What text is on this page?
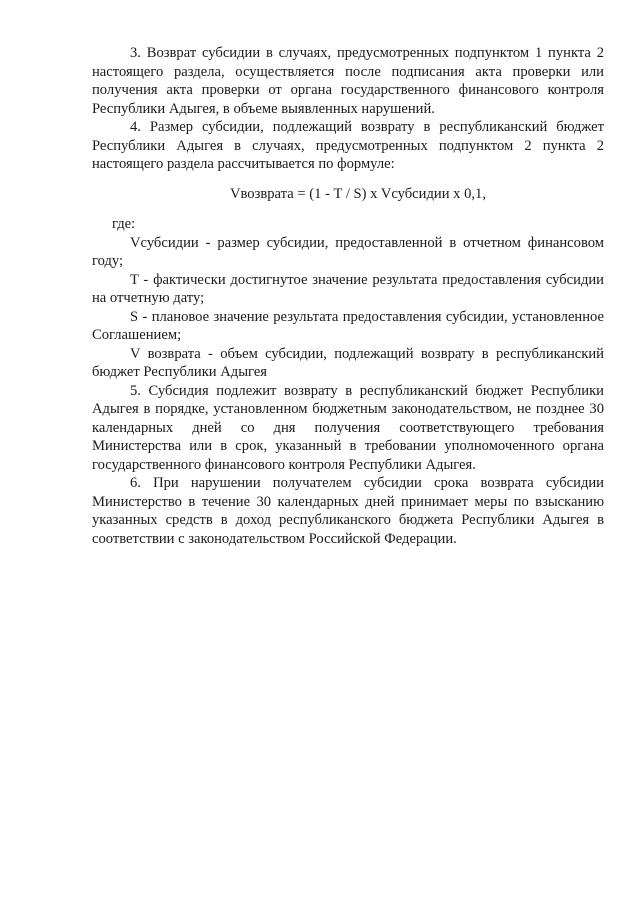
3. Возврат субсидии в случаях, предусмотренных подпунктом 1 пункта 2 настоящего раздела, осуществляется после подписания акта проверки или получения акта проверки от органа государственного финансового контроля Республики Адыгея, в объеме выявленных нарушений.

4. Размер субсидии, подлежащий возврату в республиканский бюджет Республики Адыгея в случаях, предусмотренных подпунктом 2 пункта 2 настоящего раздела рассчитывается по формуле:

Vвозврата = (1 - T / S) x Vсубсидии x 0,1,

где:

Vсубсидии - размер субсидии, предоставленной в отчетном финансовом году;

T - фактически достигнутое значение результата предоставления субсидии на отчетную дату;

S - плановое значение результата предоставления субсидии, установленное Соглашением;

V возврата - объем субсидии, подлежащий возврату в республиканский бюджет Республики Адыгея

5. Субсидия подлежит возврату в республиканский бюджет Республики Адыгея в порядке, установленном бюджетным законодательством, не позднее 30 календарных дней со дня получения соответствующего требования Министерства или в срок, указанный в требовании уполномоченного органа государственного финансового контроля Республики Адыгея.

6. При нарушении получателем субсидии срока возврата субсидии Министерство в течение 30 календарных дней принимает меры по взысканию указанных средств в доход республиканского бюджета Республики Адыгея в соответствии с законодательством Российской Федерации.
